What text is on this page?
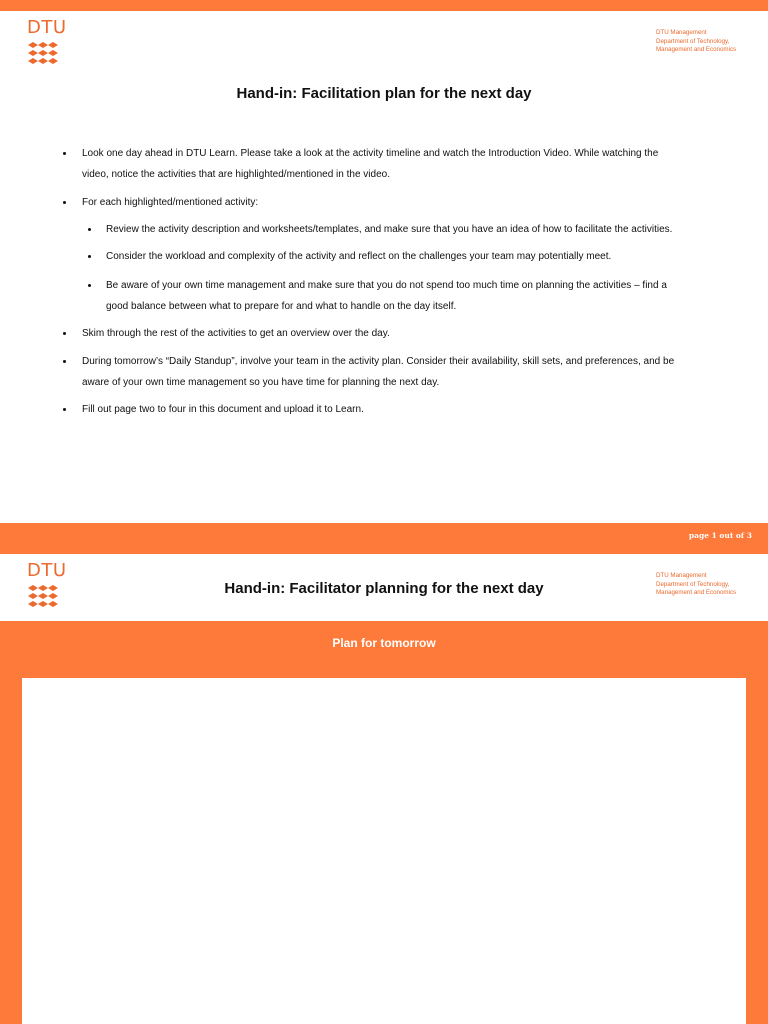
DTU	DTU Management
Department of Technology,
Management and Economics
Hand-in: Facilitation plan for the next day
Look one day ahead in DTU Learn. Please take a look at the activity timeline and watch the Introduction Video. While watching the
video, notice the activities that are highlighted/mentioned in the video.
For each highlighted/mentioned activity:
Review the activity description and worksheets/templates, and make sure that you have an idea of how to facilitate the activities.
Consider the workload and complexity of the activity and reflect on the challenges your team may potentially meet.
Be aware of your own time management and make sure that you do not spend too much time on planning the activities – find a
good balance between what to prepare for and what to handle on the day itself.
Skim through the rest of the activities to get an overview over the day.
During tomorrow’s “Daily Standup”, involve your team in the activity plan. Consider their availability, skill sets, and preferences, and be
aware of your own time management so you have time for planning the next day.
Fill out page two to four in this document and upload it to Learn.
page 1 out of 3
DTU	DTU Management
Department of Technology,
Management and Economics
Hand-in: Facilitator planning for the next day
Plan for tomorrow
